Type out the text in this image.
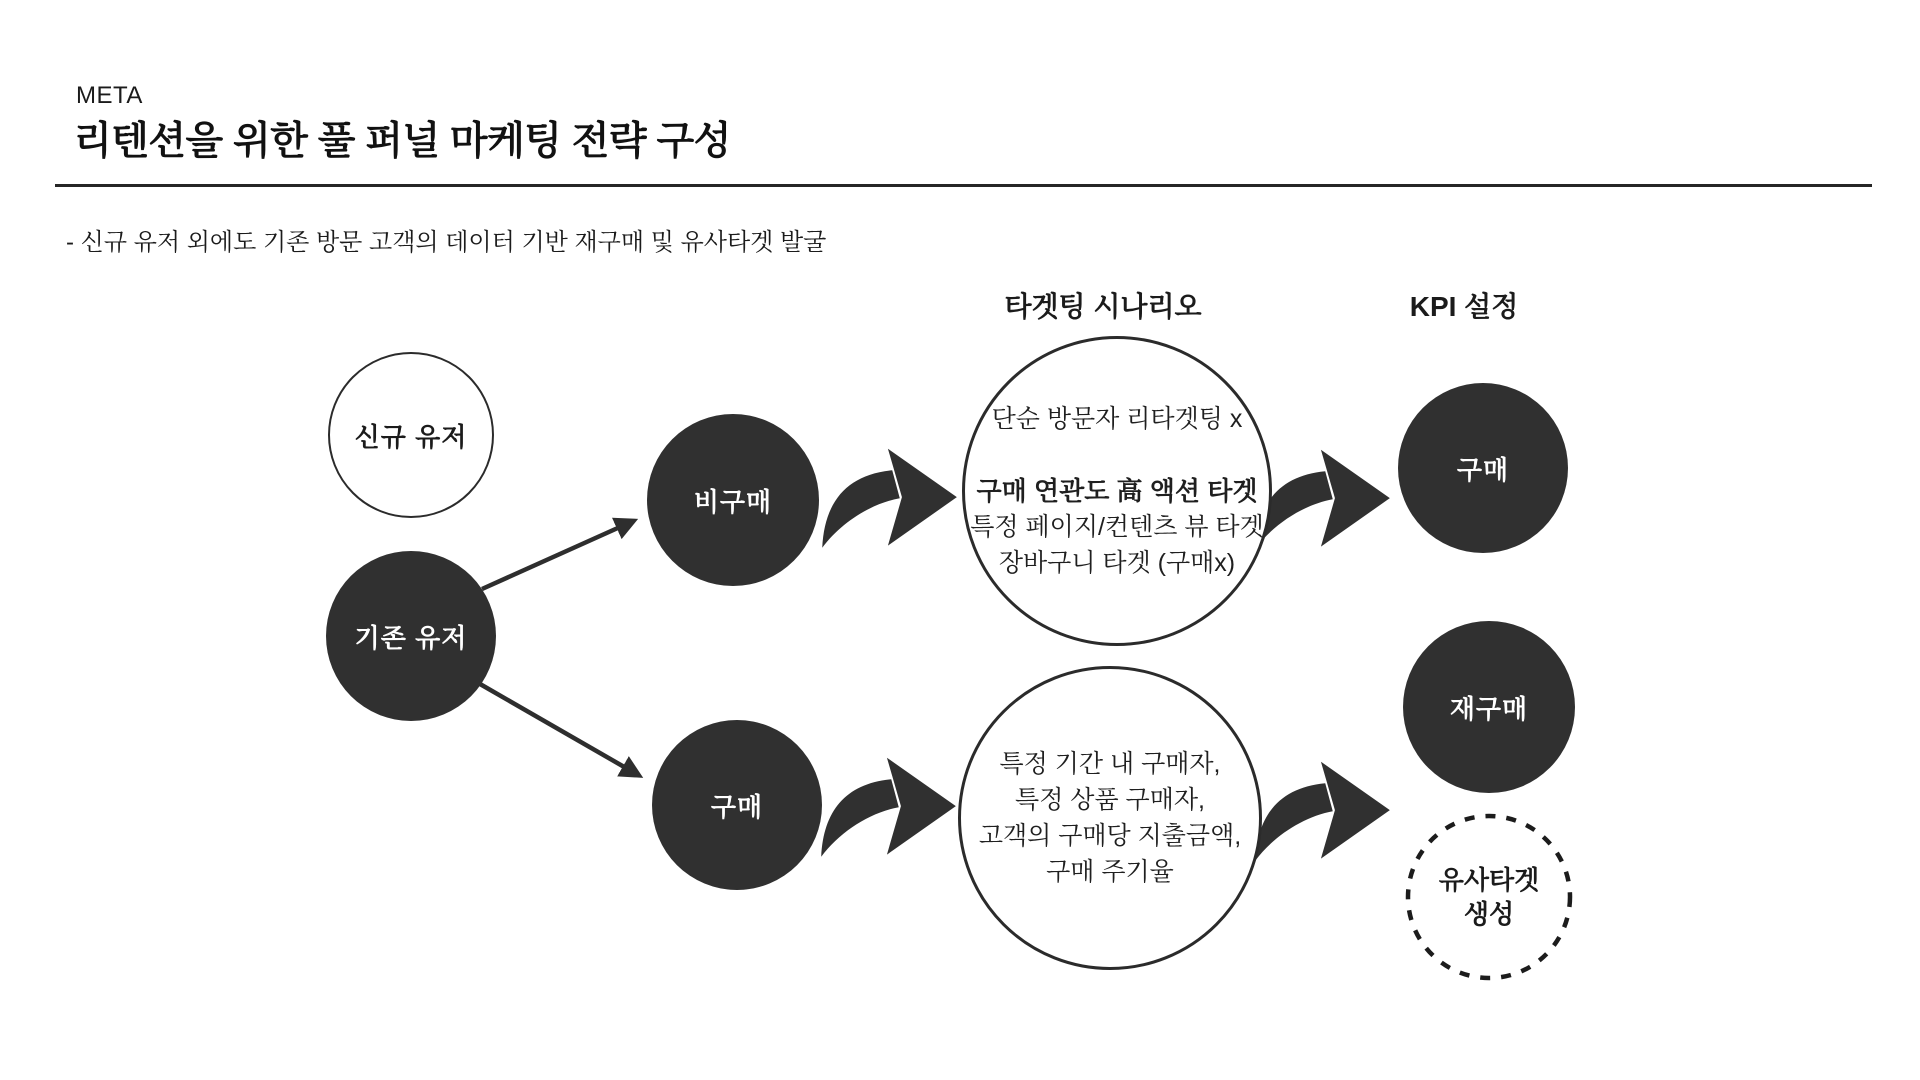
META
리텐션을 위한 풀 퍼널 마케팅 전략 구성
- 신규 유저 외에도 기존 방문 고객의 데이터 기반 재구매 및 유사타겟 발굴
타겟팅 시나리오	KPI 설정
신규 유저
기존 유저
비구매
구매
단순 방문자 리타겟팅 x
구매 연관도 高 액션 타겟
특정 페이지/컨텐츠 뷰 타겟
장바구니 타겟 (구매x)
특정 기간 내 구매자,
특정 상품 구매자,
고객의 구매당 지출금액,
구매 주기율
구매
재구매
유사타겟
생성
